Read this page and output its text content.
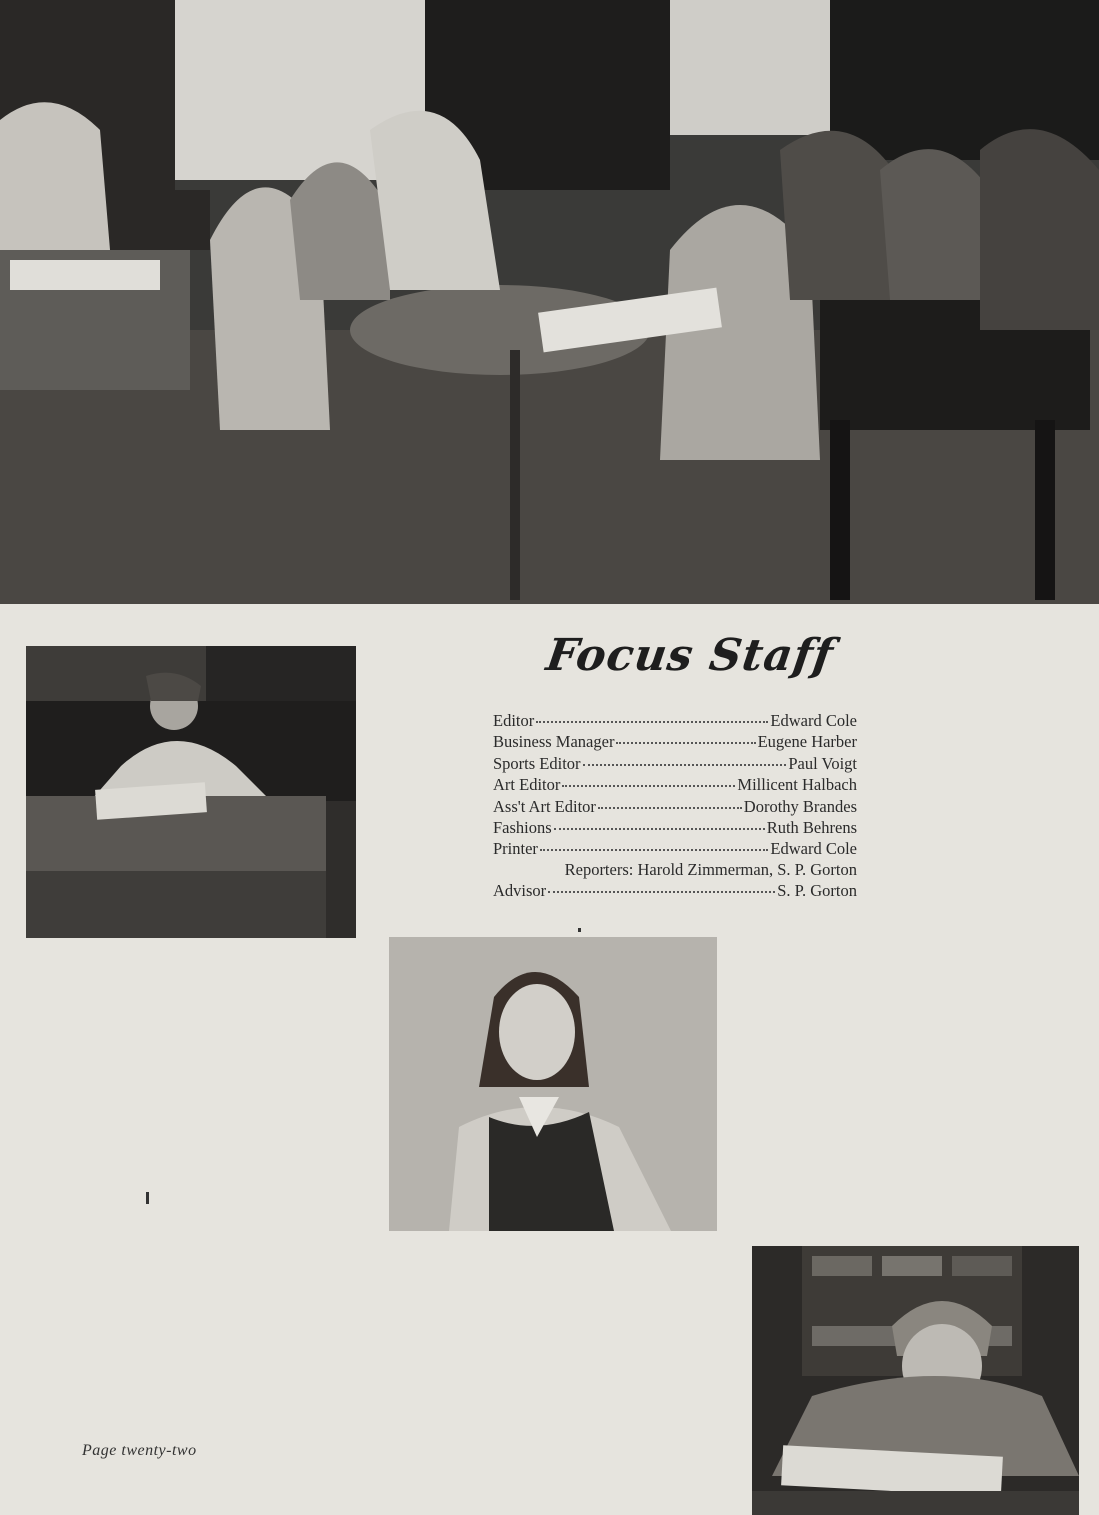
Focus Staff
Editor	Edward Cole
Business Manager	Eugene Harber
Sports Editor	Paul Voigt
Art Editor	Millicent Halbach
Ass't Art Editor	Dorothy Brandes
Fashions	Ruth Behrens
Printer	Edward Cole
Reporters: Harold Zimmerman, S. P. Gorton
Advisor	S. P. Gorton
Page twenty-two
